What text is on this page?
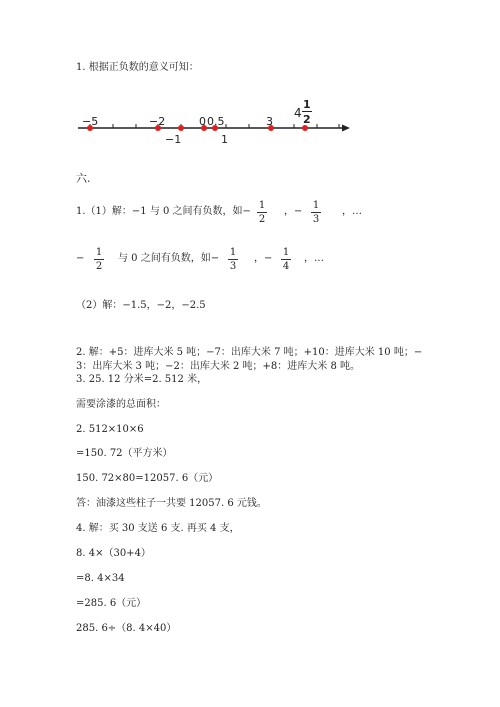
1. 根据正负数的意义可知：
−5	−2	0 0.5	3
−1	1
4
1
2
六.
1.（1）解：−1 与 0 之间有负数，如−
1
2
，−
1
3
，…
−
1
2
与 0 之间有负数，如−
1
3
，−
1
4
，…
（2）解：−1.5，−2，−2.5
2. 解：+5：进库大米 5 吨；−7：出库大米 7 吨；+10：进库大米 10 吨；−
3：出库大米 3 吨；−2：出库大米 2 吨；+8：进库大米 8 吨。
3. 25. 12 分米=2. 512 米，
需要涂漆的总面积：
2. 512×10×6
=150. 72（平方米）
150. 72×80=12057. 6（元）
答：油漆这些柱子一共要 12057. 6 元钱。
4. 解：买 30 支送 6 支. 再买 4 支，
8. 4×（30+4）
=8. 4×34
=285. 6（元）
285. 6÷（8. 4×40）
